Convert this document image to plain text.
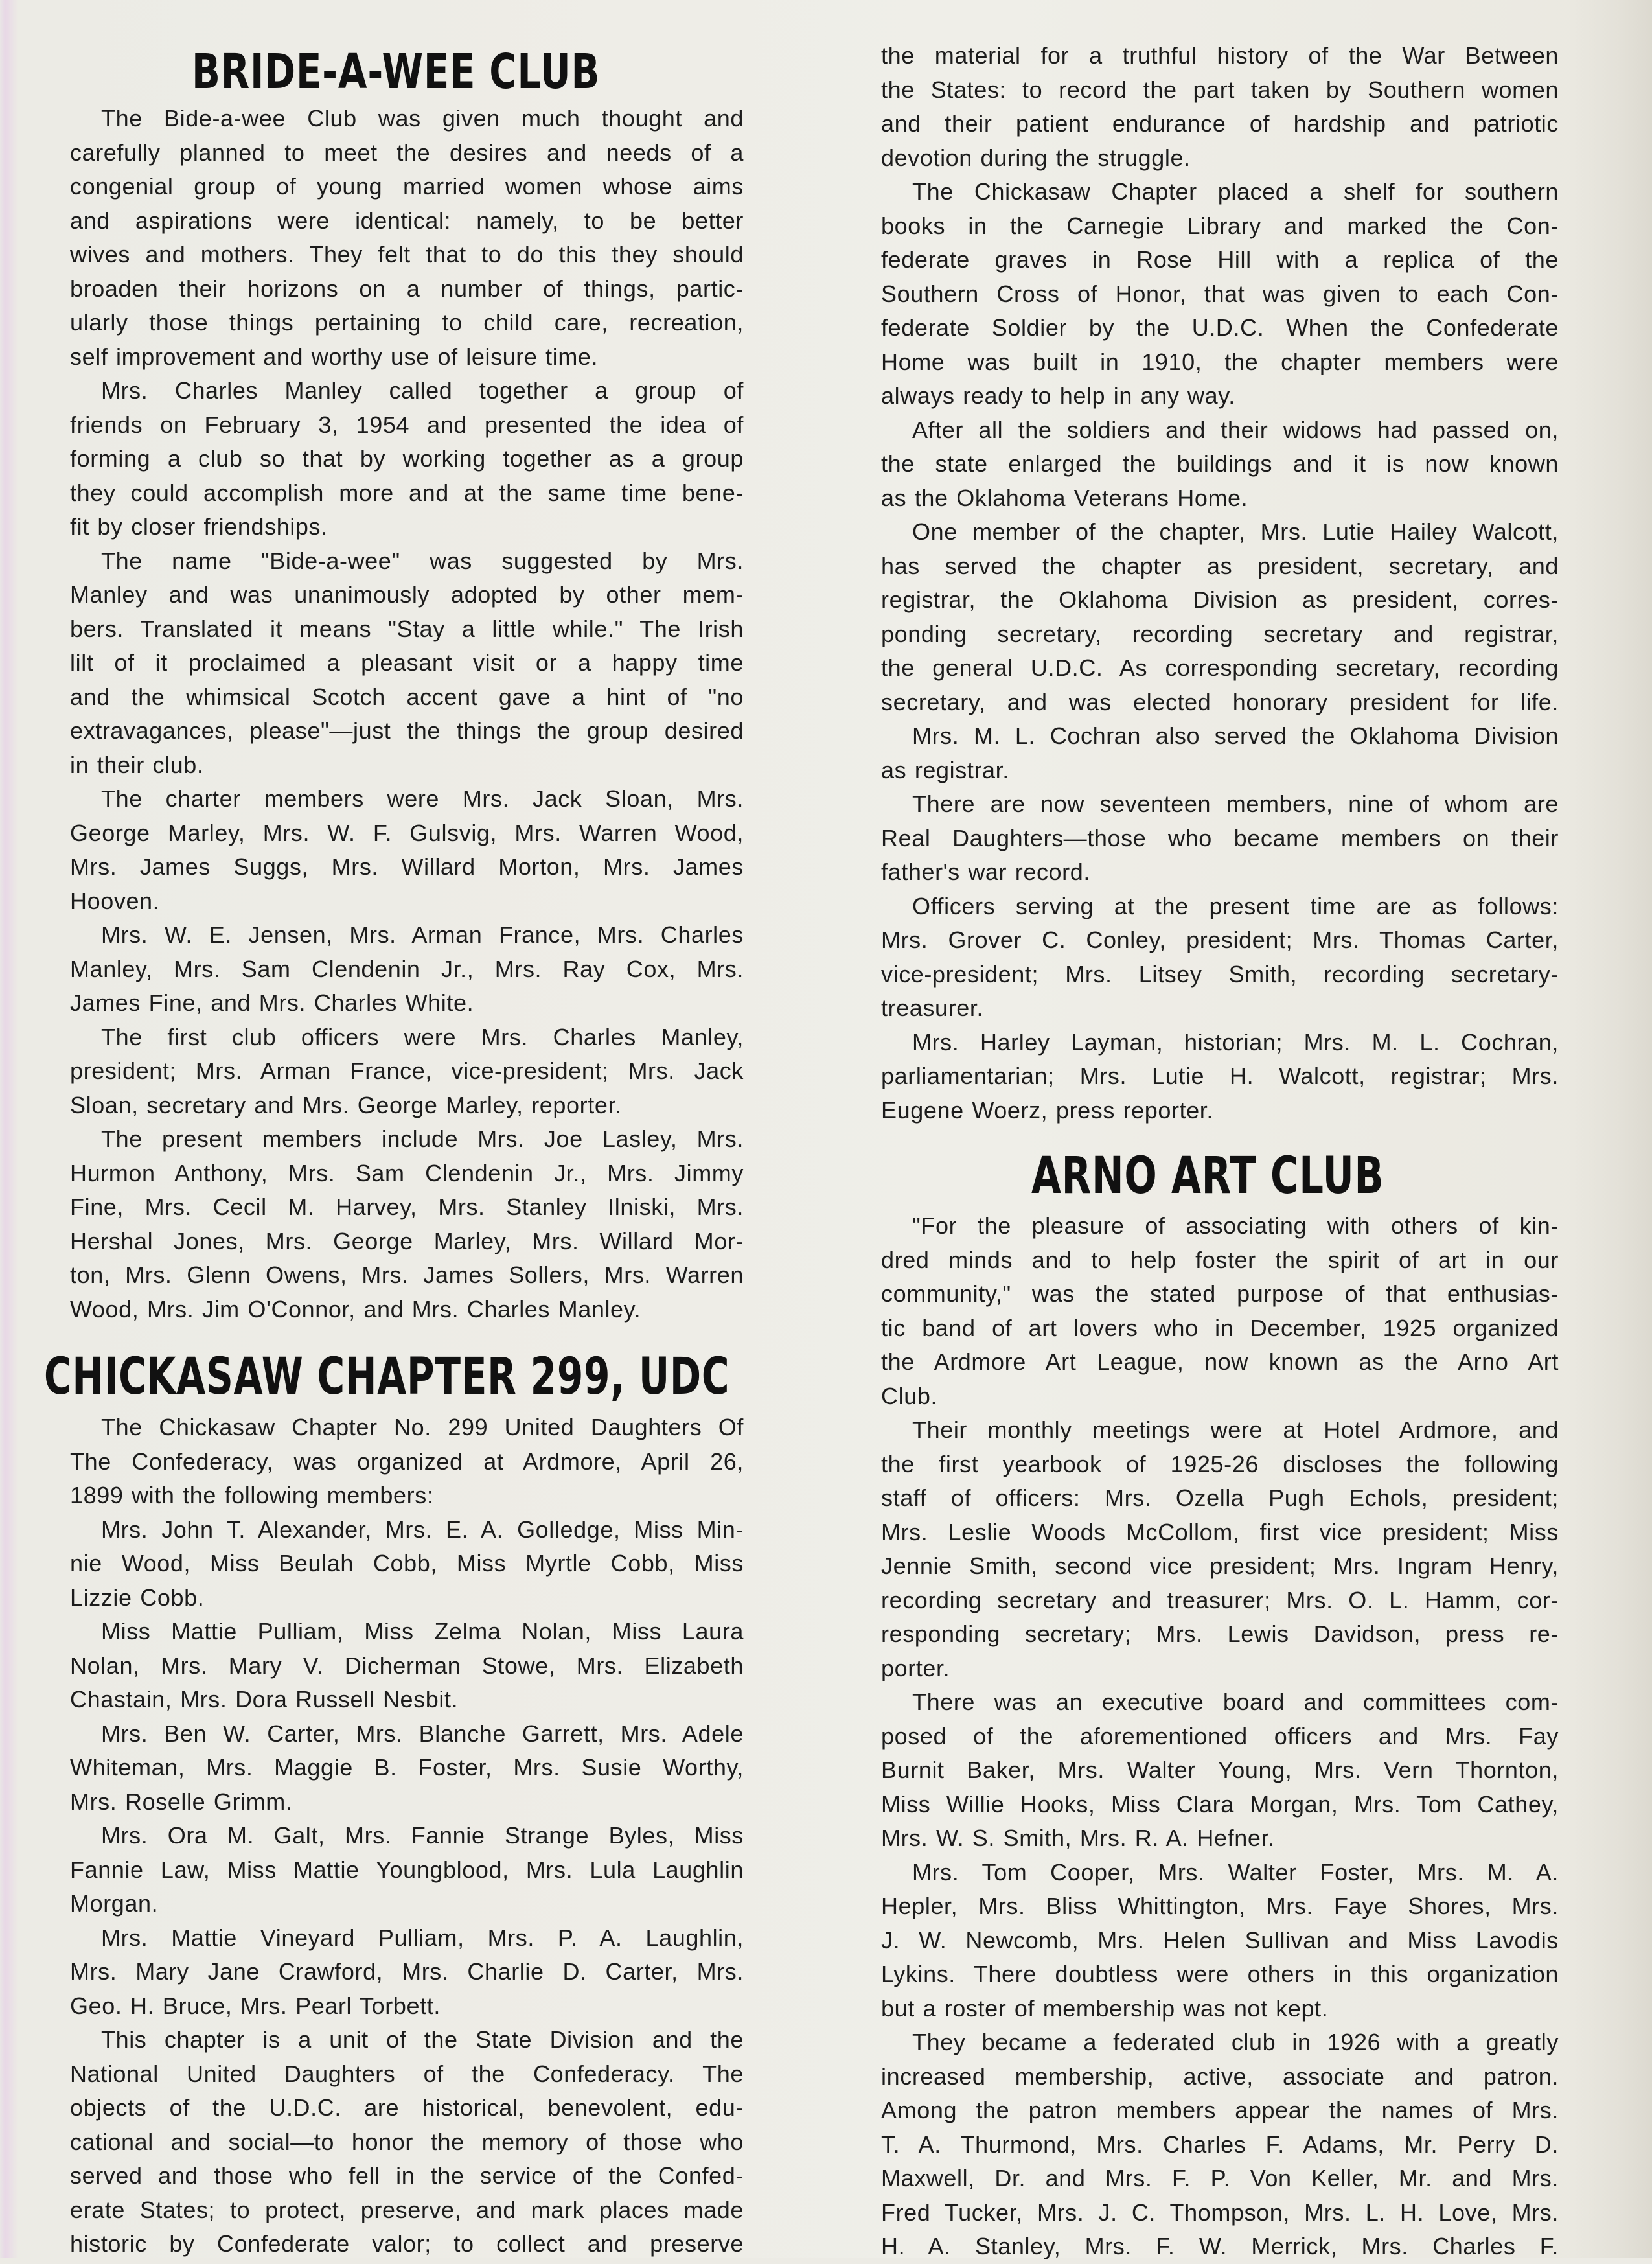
BRIDE-A-WEE CLUB
The Bide-a-wee Club was given much thought and
carefully planned to meet the desires and needs of a
congenial group of young married women whose aims
and aspirations were identical: namely, to be better
wives and mothers. They felt that to do this they should
broaden their horizons on a number of things, partic-
ularly those things pertaining to child care, recreation,
self improvement and worthy use of leisure time.
Mrs. Charles Manley called together a group of
friends on February 3, 1954 and presented the idea of
forming a club so that by working together as a group
they could accomplish more and at the same time bene-
fit by closer friendships.
The name "Bide-a-wee" was suggested by Mrs.
Manley and was unanimously adopted by other mem-
bers. Translated it means "Stay a little while." The Irish
lilt of it proclaimed a pleasant visit or a happy time
and the whimsical Scotch accent gave a hint of "no
extravagances, please"—just the things the group desired
in their club.
The charter members were Mrs. Jack Sloan, Mrs.
George Marley, Mrs. W. F. Gulsvig, Mrs. Warren Wood,
Mrs. James Suggs, Mrs. Willard Morton, Mrs. James
Hooven.
Mrs. W. E. Jensen, Mrs. Arman France, Mrs. Charles
Manley, Mrs. Sam Clendenin Jr., Mrs. Ray Cox, Mrs.
James Fine, and Mrs. Charles White.
The first club officers were Mrs. Charles Manley,
president; Mrs. Arman France, vice-president; Mrs. Jack
Sloan, secretary and Mrs. George Marley, reporter.
The present members include Mrs. Joe Lasley, Mrs.
Hurmon Anthony, Mrs. Sam Clendenin Jr., Mrs. Jimmy
Fine, Mrs. Cecil M. Harvey, Mrs. Stanley Ilniski, Mrs.
Hershal Jones, Mrs. George Marley, Mrs. Willard Mor-
ton, Mrs. Glenn Owens, Mrs. James Sollers, Mrs. Warren
Wood, Mrs. Jim O'Connor, and Mrs. Charles Manley.
CHICKASAW CHAPTER 299, UDC
The Chickasaw Chapter No. 299 United Daughters Of
The Confederacy, was organized at Ardmore, April 26,
1899 with the following members:
Mrs. John T. Alexander, Mrs. E. A. Golledge, Miss Min-
nie Wood, Miss Beulah Cobb, Miss Myrtle Cobb, Miss
Lizzie Cobb.
Miss Mattie Pulliam, Miss Zelma Nolan, Miss Laura
Nolan, Mrs. Mary V. Dicherman Stowe, Mrs. Elizabeth
Chastain, Mrs. Dora Russell Nesbit.
Mrs. Ben W. Carter, Mrs. Blanche Garrett, Mrs. Adele
Whiteman, Mrs. Maggie B. Foster, Mrs. Susie Worthy,
Mrs. Roselle Grimm.
Mrs. Ora M. Galt, Mrs. Fannie Strange Byles, Miss
Fannie Law, Miss Mattie Youngblood, Mrs. Lula Laughlin
Morgan.
Mrs. Mattie Vineyard Pulliam, Mrs. P. A. Laughlin,
Mrs. Mary Jane Crawford, Mrs. Charlie D. Carter, Mrs.
Geo. H. Bruce, Mrs. Pearl Torbett.
This chapter is a unit of the State Division and the
National United Daughters of the Confederacy. The
objects of the U.D.C. are historical, benevolent, edu-
cational and social—to honor the memory of those who
served and those who fell in the service of the Confed-
erate States; to protect, preserve, and mark places made
historic by Confederate valor; to collect and preserve
the material for a truthful history of the War Between
the States: to record the part taken by Southern women
and their patient endurance of hardship and patriotic
devotion during the struggle.
The Chickasaw Chapter placed a shelf for southern
books in the Carnegie Library and marked the Con-
federate graves in Rose Hill with a replica of the
Southern Cross of Honor, that was given to each Con-
federate Soldier by the U.D.C. When the Confederate
Home was built in 1910, the chapter members were
always ready to help in any way.
After all the soldiers and their widows had passed on,
the state enlarged the buildings and it is now known
as the Oklahoma Veterans Home.
One member of the chapter, Mrs. Lutie Hailey Walcott,
has served the chapter as president, secretary, and
registrar, the Oklahoma Division as president, corres-
ponding secretary, recording secretary and registrar,
the general U.D.C. As corresponding secretary, recording
secretary, and was elected honorary president for life.
Mrs. M. L. Cochran also served the Oklahoma Division
as registrar.
There are now seventeen members, nine of whom are
Real Daughters—those who became members on their
father's war record.
Officers serving at the present time are as follows:
Mrs. Grover C. Conley, president; Mrs. Thomas Carter,
vice-president; Mrs. Litsey Smith, recording secretary-
treasurer.
Mrs. Harley Layman, historian; Mrs. M. L. Cochran,
parliamentarian; Mrs. Lutie H. Walcott, registrar; Mrs.
Eugene Woerz, press reporter.
ARNO ART CLUB
"For the pleasure of associating with others of kin-
dred minds and to help foster the spirit of art in our
community," was the stated purpose of that enthusias-
tic band of art lovers who in December, 1925 organized
the Ardmore Art League, now known as the Arno Art
Club.
Their monthly meetings were at Hotel Ardmore, and
the first yearbook of 1925-26 discloses the following
staff of officers: Mrs. Ozella Pugh Echols, president;
Mrs. Leslie Woods McCollom, first vice president; Miss
Jennie Smith, second vice president; Mrs. Ingram Henry,
recording secretary and treasurer; Mrs. O. L. Hamm, cor-
responding secretary; Mrs. Lewis Davidson, press re-
porter.
There was an executive board and committees com-
posed of the aforementioned officers and Mrs. Fay
Burnit Baker, Mrs. Walter Young, Mrs. Vern Thornton,
Miss Willie Hooks, Miss Clara Morgan, Mrs. Tom Cathey,
Mrs. W. S. Smith, Mrs. R. A. Hefner.
Mrs. Tom Cooper, Mrs. Walter Foster, Mrs. M. A.
Hepler, Mrs. Bliss Whittington, Mrs. Faye Shores, Mrs.
J. W. Newcomb, Mrs. Helen Sullivan and Miss Lavodis
Lykins. There doubtless were others in this organization
but a roster of membership was not kept.
They became a federated club in 1926 with a greatly
increased membership, active, associate and patron.
Among the patron members appear the names of Mrs.
T. A. Thurmond, Mrs. Charles F. Adams, Mr. Perry D.
Maxwell, Dr. and Mrs. F. P. Von Keller, Mr. and Mrs.
Fred Tucker, Mrs. J. C. Thompson, Mrs. L. H. Love, Mrs.
H. A. Stanley, Mrs. F. W. Merrick, Mrs. Charles F.
